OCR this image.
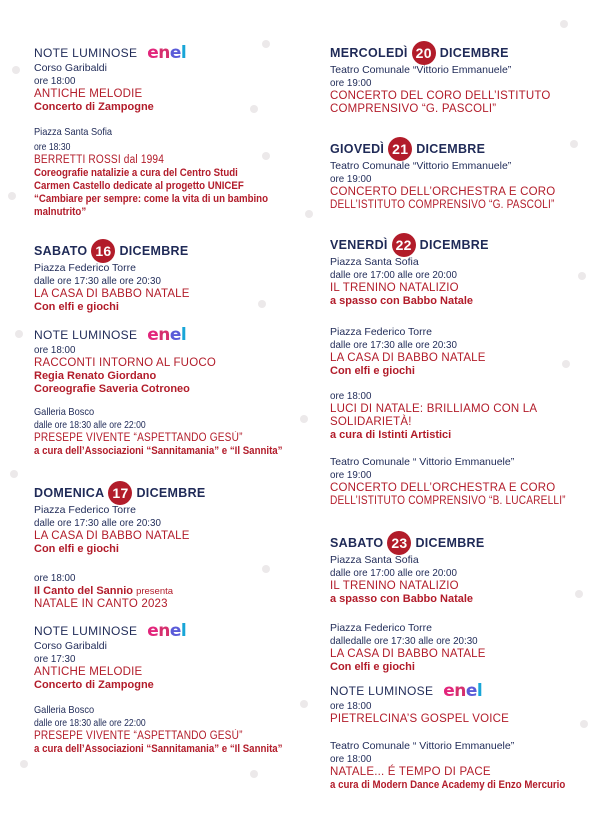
NOTE LUMINOSE enel
Corso Garibaldi
ore 18:00
ANTICHE MELODIE
Concerto di Zampogne
Piazza Santa Sofia
ore 18:30
BERRETTI ROSSI dal 1994
Coreografie natalizie a cura del Centro Studi
Carmen Castello dedicate al progetto UNICEF
“Cambiare per sempre: come la vita di un bambino
malnutrito”
SABATO 16 DICEMBRE
Piazza Federico Torre
dalle ore 17:30 alle ore 20:30
LA CASA DI BABBO NATALE
Con elfi e giochi
NOTE LUMINOSE enel
ore 18:00
RACCONTI INTORNO AL FUOCO
Regia Renato Giordano
Coreografie Saveria Cotroneo
Galleria Bosco
dalle ore 18:30 alle ore 22:00
PRESEPE VIVENTE “ASPETTANDO GESÙ”
a cura dell’Associazioni “Sannitamania” e “Il Sannita”
DOMENICA 17 DICEMBRE
Piazza Federico Torre
dalle ore 17:30 alle ore 20:30
LA CASA DI BABBO NATALE
Con elfi e giochi
ore 18:00
Il Canto del Sannio presenta
NATALE IN CANTO 2023
NOTE LUMINOSE enel
Corso Garibaldi
ore 17:30
ANTICHE MELODIE
Concerto di Zampogne
Galleria Bosco
dalle ore 18:30 alle ore 22:00
PRESEPE VIVENTE “ASPETTANDO GESÙ”
a cura dell’Associazioni “Sannitamania” e “Il Sannita”
MERCOLEDÌ 20 DICEMBRE
Teatro Comunale “Vittorio Emmanuele”
ore 19:00
CONCERTO DEL CORO DELL’ISTITUTO
COMPRENSIVO “G. PASCOLI”
GIOVEDÌ 21 DICEMBRE
Teatro Comunale “Vittorio Emmanuele”
ore 19:00
CONCERTO DELL’ORCHESTRA E CORO
DELL’ISTITUTO COMPRENSIVO “G. PASCOLI”
VENERDÌ 22 DICEMBRE
Piazza Santa Sofia
dalle ore 17:00 alle ore 20:00
IL TRENINO NATALIZIO
a spasso con Babbo Natale
Piazza Federico Torre
dalle ore 17:30 alle ore 20:30
LA CASA DI BABBO NATALE
Con elfi e giochi
ore 18:00
LUCI DI NATALE: BRILLIAMO CON LA
SOLIDARIETÀ!
a cura di Istinti Artistici
Teatro Comunale “ Vittorio Emmanuele”
ore 19:00
CONCERTO DELL’ORCHESTRA E CORO
DELL’ISTITUTO COMPRENSIVO “B. LUCARELLI”
SABATO 23 DICEMBRE
Piazza Santa Sofia
dalle ore 17:00 alle ore 20:00
IL TRENINO NATALIZIO
a spasso con Babbo Natale
Piazza Federico Torre
dalledalle ore 17:30 alle ore 20:30
LA CASA DI BABBO NATALE
Con elfi e giochi
NOTE LUMINOSE enel
ore 18:00
PIETRELCINA’S GOSPEL VOICE
Teatro Comunale “ Vittorio Emmanuele”
ore 18:00
NATALE... É TEMPO DI PACE
a cura di Modern Dance Academy di Enzo Mercurio
